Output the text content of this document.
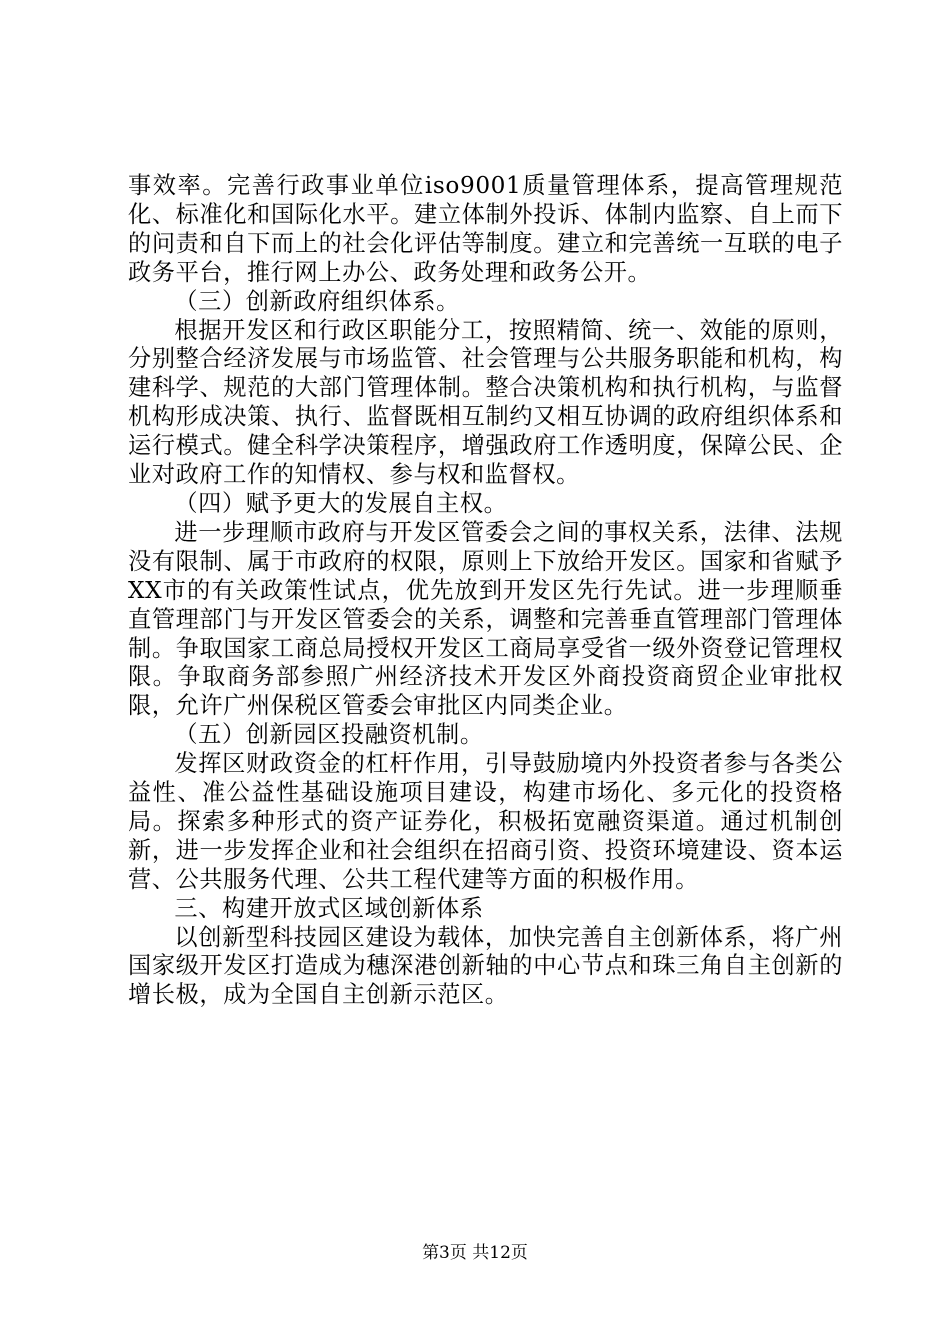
事效率。完善行政事业单位iso9001质量管理体系，提高管理规范化、标准化和国际化水平。建立体制外投诉、体制内监察、自上而下的问责和自下而上的社会化评估等制度。建立和完善统一互联的电子政务平台，推行网上办公、政务处理和政务公开。

（三）创新政府组织体系。

根据开发区和行政区职能分工，按照精简、统一、效能的原则，分别整合经济发展与市场监管、社会管理与公共服务职能和机构，构建科学、规范的大部门管理体制。整合决策机构和执行机构，与监督机构形成决策、执行、监督既相互制约又相互协调的政府组织体系和运行模式。健全科学决策程序，增强政府工作透明度，保障公民、企业对政府工作的知情权、参与权和监督权。

（四）赋予更大的发展自主权。

进一步理顺市政府与开发区管委会之间的事权关系，法律、法规没有限制、属于市政府的权限，原则上下放给开发区。国家和省赋予XX市的有关政策性试点，优先放到开发区先行先试。进一步理顺垂直管理部门与开发区管委会的关系，调整和完善垂直管理部门管理体制。争取国家工商总局授权开发区工商局享受省一级外资登记管理权限。争取商务部参照广州经济技术开发区外商投资商贸企业审批权限，允许广州保税区管委会审批区内同类企业。

（五）创新园区投融资机制。

发挥区财政资金的杠杆作用，引导鼓励境内外投资者参与各类公益性、准公益性基础设施项目建设，构建市场化、多元化的投资格局。探索多种形式的资产证券化，积极拓宽融资渠道。通过机制创新，进一步发挥企业和社会组织在招商引资、投资环境建设、资本运营、公共服务代理、公共工程代建等方面的积极作用。

三、构建开放式区域创新体系

以创新型科技园区建设为载体，加快完善自主创新体系，将广州国家级开发区打造成为穗深港创新轴的中心节点和珠三角自主创新的增长极，成为全国自主创新示范区。

第3页 共12页
